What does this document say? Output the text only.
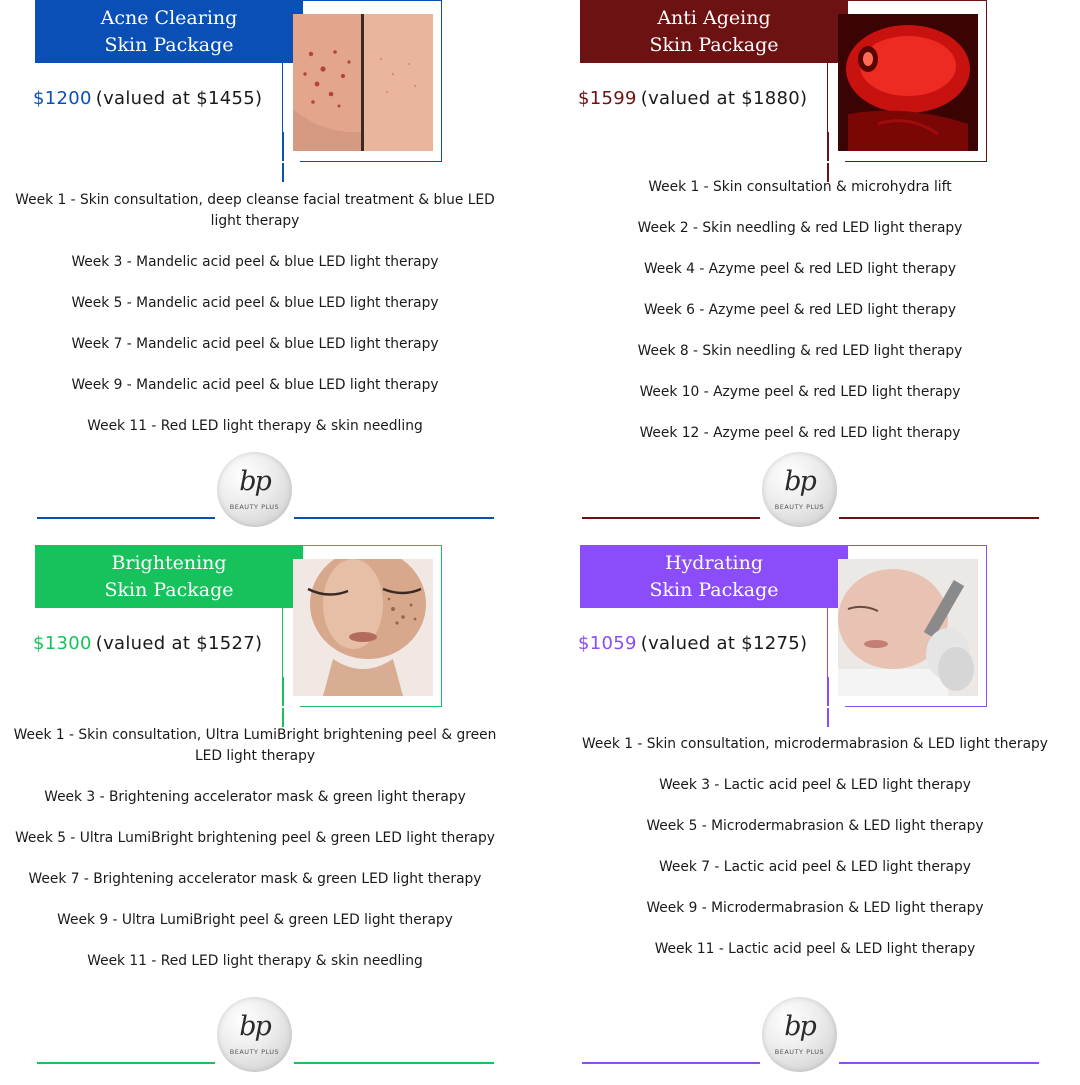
Acne Clearing
Skin Package
$1200 (valued at $1455)
Week 1 - Skin consultation, deep cleanse facial treatment & blue LED light therapy
Week 3 - Mandelic acid peel & blue LED light therapy
Week 5 - Mandelic acid peel & blue LED light therapy
Week 7 - Mandelic acid peel & blue LED light therapy
Week 9 - Mandelic acid peel & blue LED light therapy
Week 11 - Red LED light therapy & skin needling
bp
BEAUTY PLUS
Anti Ageing
Skin Package
$1599 (valued at $1880)
Week 1 - Skin consultation & microhydra lift
Week 2 - Skin needling & red LED light therapy
Week 4 - Azyme peel & red LED light therapy
Week 6 - Azyme peel & red LED light therapy
Week 8 - Skin needling & red LED light therapy
Week 10 - Azyme peel & red LED light therapy
Week 12 - Azyme peel & red LED light therapy
bp
BEAUTY PLUS
Brightening
Skin Package
$1300 (valued at $1527)
Week 1 - Skin consultation, Ultra LumiBright brightening peel & green LED light therapy
Week 3 - Brightening accelerator mask & green light therapy
Week 5 - Ultra LumiBright brightening peel & green LED light therapy
Week 7 - Brightening accelerator mask & green LED light therapy
Week 9 - Ultra LumiBright peel & green LED light therapy
Week 11 - Red LED light therapy & skin needling
bp
BEAUTY PLUS
Hydrating
Skin Package
$1059 (valued at $1275)
Week 1 - Skin consultation, microdermabrasion & LED light therapy
Week 3 - Lactic acid peel & LED light therapy
Week 5 - Microdermabrasion & LED light therapy
Week 7 - Lactic acid peel & LED light therapy
Week 9 - Microdermabrasion & LED light therapy
Week 11 - Lactic acid peel & LED light therapy
bp
BEAUTY PLUS
